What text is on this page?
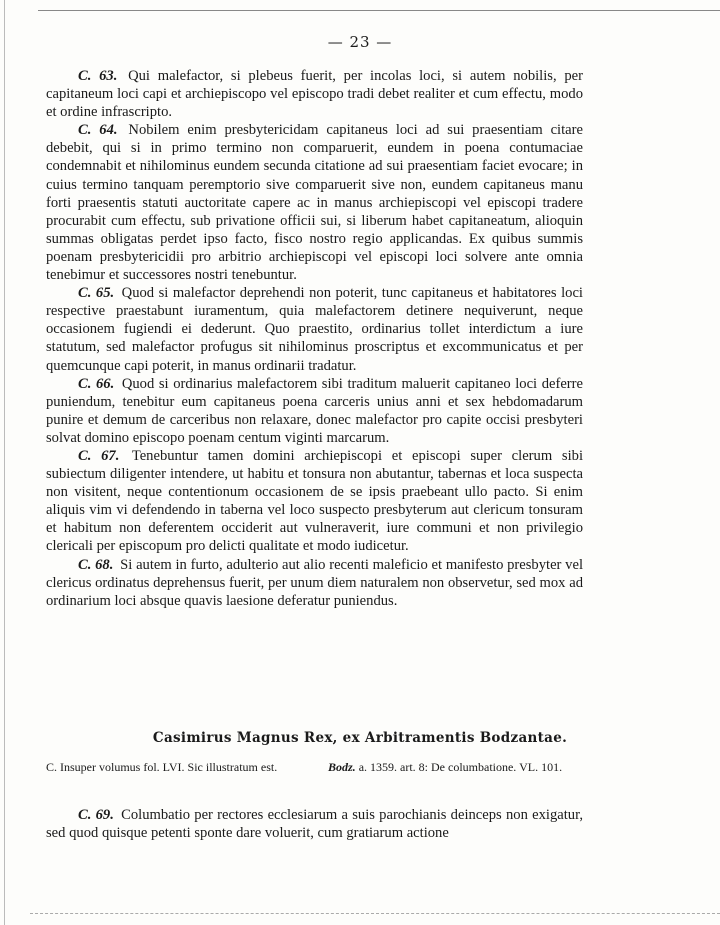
— 23 —

C. 63. Qui malefactor, si plebeus fuerit, per incolas loci, si autem nobilis, per capitaneum loci capi et archiepiscopo vel episcopo tradi debet realiter et cum effectu, modo et ordine infrascripto.

C. 64. Nobilem enim presbytericidam capitaneus loci ad sui praesentiam citare debebit, qui si in primo termino non comparuerit, eundem in poena contumaciae condemnabit et nihilominus eundem secunda citatione ad sui praesentiam faciet evocare; in cuius termino tanquam peremptorio sive comparuerit sive non, eundem capitaneus manu forti praesentis statuti auctoritate capere ac in manus archiepiscopi vel episcopi tradere procurabit cum effectu, sub privatione officii sui, si liberum habet capitaneatum, alioquin summas obligatas perdet ipso facto, fisco nostro regio applicandas. Ex quibus summis poenam presbytericidii pro arbitrio archiepiscopi vel episcopi loci solvere ante omnia tenebimur et successores nostri tenebuntur.

C. 65. Quod si malefactor deprehendi non poterit, tunc capitaneus et habitatores loci respective praestabunt iuramentum, quia malefactorem detinere nequiverunt, neque occasionem fugiendi ei dederunt. Quo praestito, ordinarius tollet interdictum a iure statutum, sed malefactor profugus sit nihilominus proscriptus et excommunicatus et per quemcunque capi poterit, in manus ordinarii tradatur.

C. 66. Quod si ordinarius malefactorem sibi traditum maluerit capitaneo loci deferre puniendum, tenebitur eum capitaneus poena carceris unius anni et sex hebdomadarum punire et demum de carceribus non relaxare, donec malefactor pro capite occisi presbyteri solvat domino episcopo poenam centum viginti marcarum.

C. 67. Tenebuntur tamen domini archiepiscopi et episcopi super clerum sibi subiectum diligenter intendere, ut habitu et tonsura non abutantur, tabernas et loca suspecta non visitent, neque contentionum occasionem de se ipsis praebeant ullo pacto. Si enim aliquis vim vi defendendo in taberna vel loco suspecto presbyterum aut clericum tonsuram et habitum non deferentem occiderit aut vulneraverit, iure communi et non privilegio clericali per episcopum pro delicti qualitate et modo iudicetur.

C. 68. Si autem in furto, adulterio aut alio recenti maleficio et manifesto presbyter vel clericus ordinatus deprehensus fuerit, per unum diem naturalem non observetur, sed mox ad ordinarium loci absque quavis laesione deferatur puniendus.

Casimirus Magnus Rex, ex Arbitramentis Bodzantae.
C. Insuper volumus fol. LVI. Sic illustratum est.	Bodz. a. 1359. art. 8: De columbatione. VL. 101.

C. 69. Columbatio per rectores ecclesiarum a suis parochianis deinceps non exigatur, sed quod quisque petenti sponte dare voluerit, cum gratiarum actione
